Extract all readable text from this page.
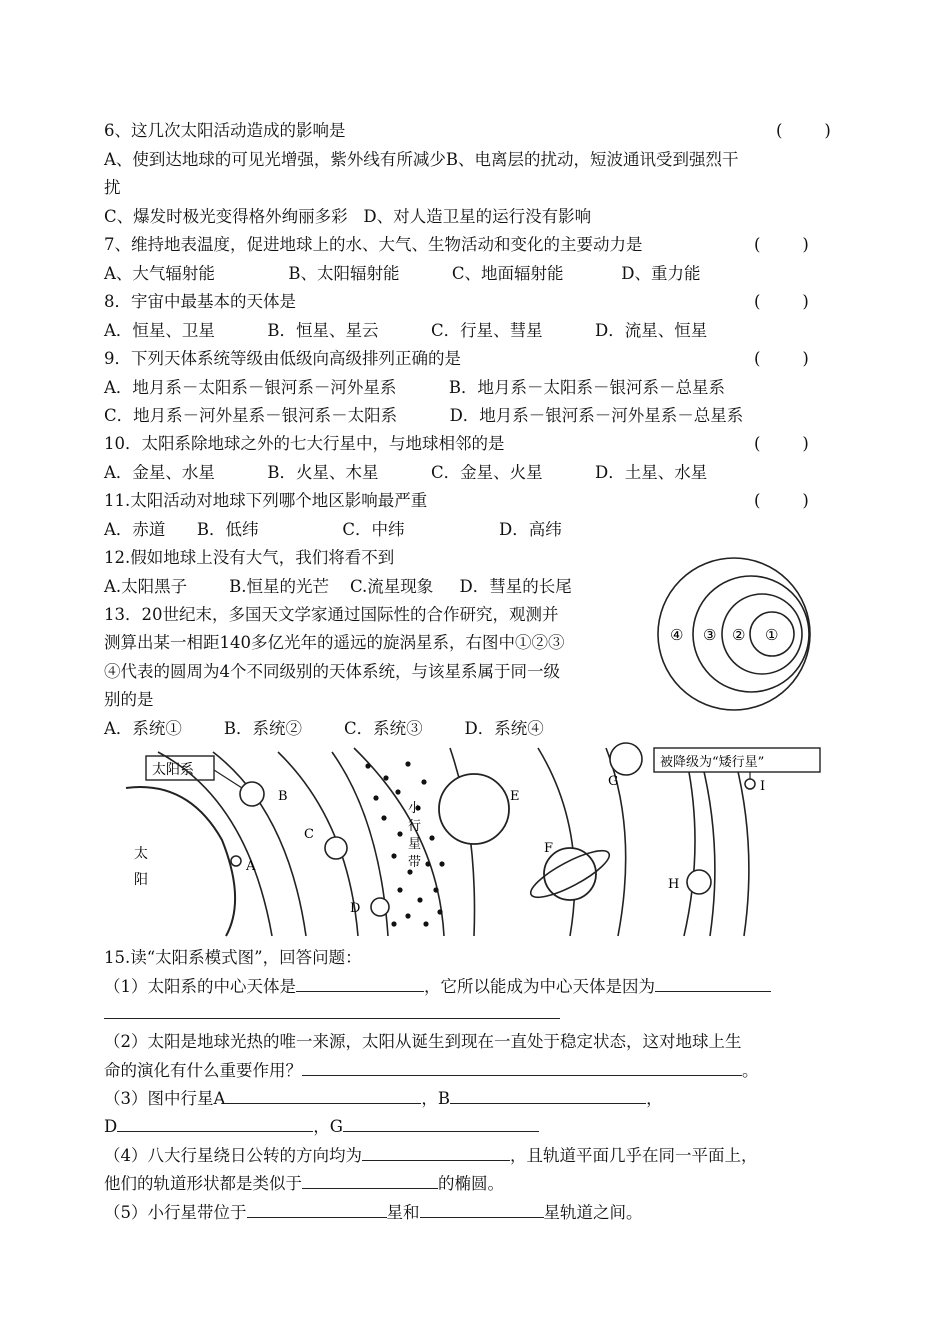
6、这几次太阳活动造成的影响是	(        )
A、使到达地球的可见光增强，紫外线有所减少B、电离层的扰动，短波通讯受到强烈干
扰
C、爆发时极光变得格外绚丽多彩   D、对人造卫星的运行没有影响
7、维持地表温度，促进地球上的水、大气、生物活动和变化的主要动力是	(        )
A、大气辐射能              B、太阳辐射能          C、地面辐射能           D、重力能
8．宇宙中最基本的天体是	(        )
A．恒星、卫星          B．恒星、星云          C．行星、彗星          D．流星、恒星
9．下列天体系统等级由低级向高级排列正确的是	(        )
A．地月系－太阳系－银河系－河外星系          B．地月系－太阳系－银河系－总星系
C．地月系－河外星系－银河系－太阳系          D．地月系－银河系－河外星系－总星系
10．太阳系除地球之外的七大行星中，与地球相邻的是	(        )
A．金星、水星          B．火星、木星          C．金星、火星          D．土星、水星
11.太阳活动对地球下列哪个地区影响最严重	(        )
A．赤道      B．低纬                C．中纬                  D．高纬
12.假如地球上没有大气，我们将看不到
A.太阳黑子        B.恒星的光芒    C.流星现象     D．彗星的长尾
13．20世纪末，多国天文学家通过国际性的合作研究，观测并
测算出某一相距140多亿光年的遥远的旋涡星系，右图中①②③
④代表的圆周为4个不同级别的天体系统，与该星系属于同一级
别的是
A．系统①        B．系统②        C．系统③        D．系统④
④ ③ ② ①
太
阳
太阳系
小
行
星
带
A
B
C
D
E
F
G
H
I
被降级为“矮行星”
15.读“太阳系模式图”，回答问题：
（1）太阳系的中心天体是	，它所以能成为中心天体是因为
（2）太阳是地球光热的唯一来源，太阳从诞生到现在一直处于稳定状态，这对地球上生
命的演化有什么重要作用？	。
（3）图中行星A	，B	，
D	，G
（4）八大行星绕日公转的方向均为	，且轨道平面几乎在同一平面上，
他们的轨道形状都是类似于	的椭圆。
（5）小行星带位于	星和	星轨道之间。
